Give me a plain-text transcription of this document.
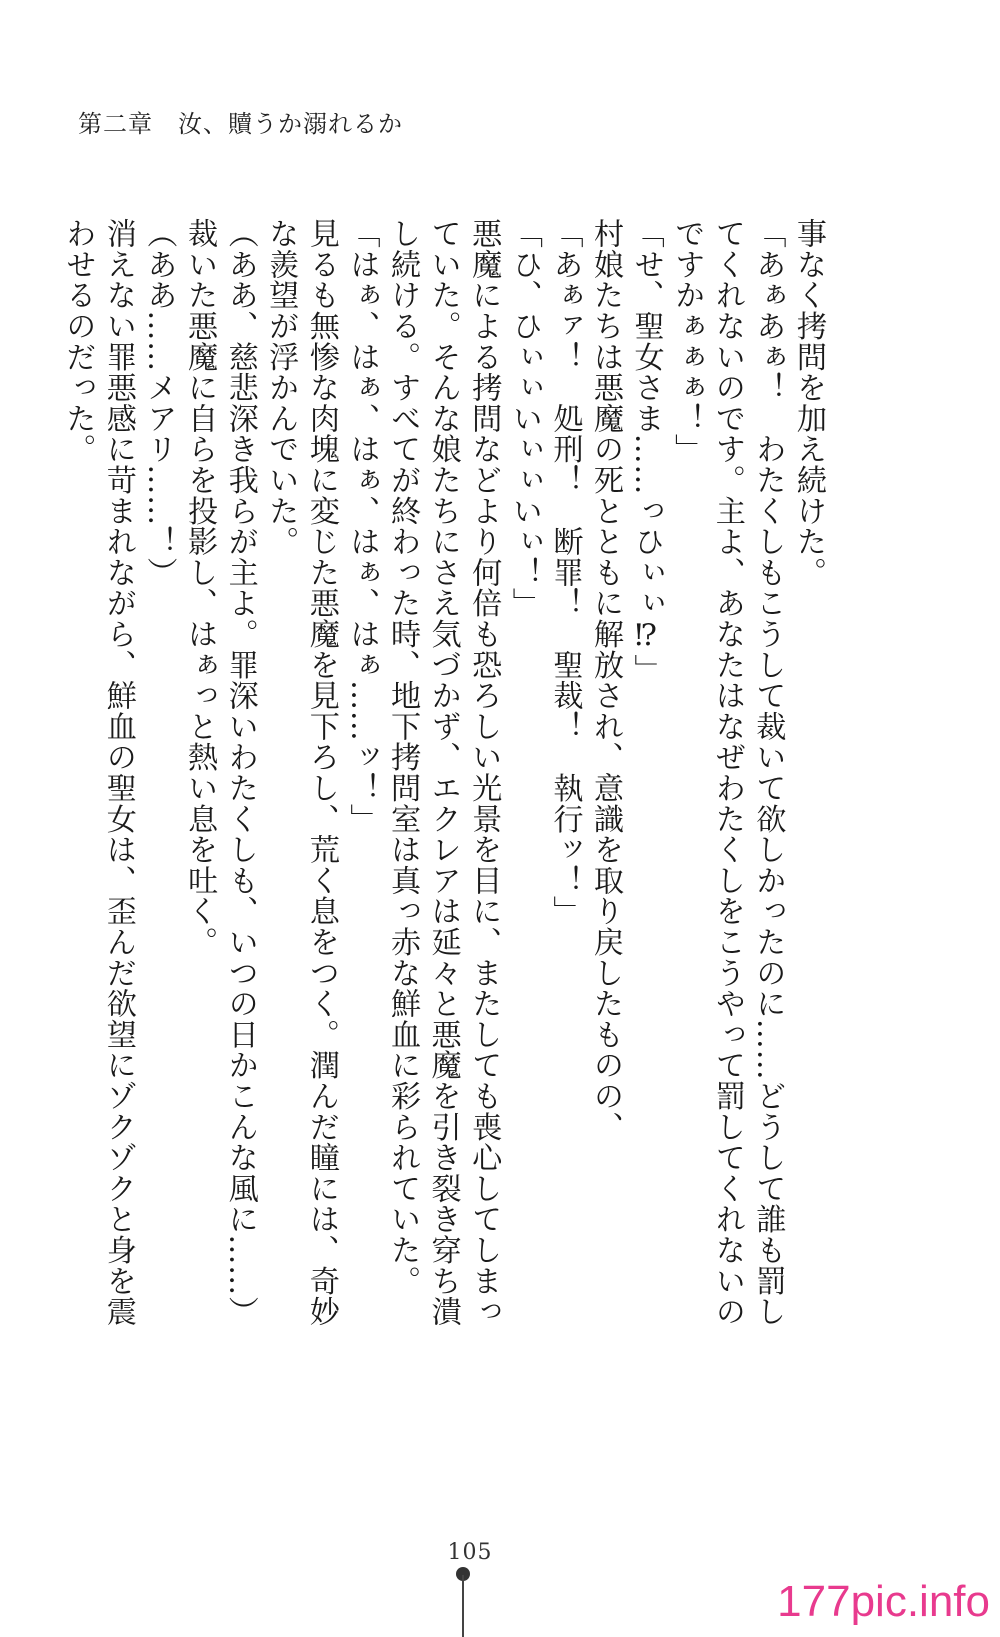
第二章　汝、贖うか溺れるか

事なく拷問を加え続けた。

「あぁあぁ！　わたくしもこうして裁いて欲しかったのに……どうして誰も罰してくれないのです。主よ、あなたはなぜわたくしをこうやって罰してくれないのですかぁぁぁ！」

「せ、聖女さま……っひぃぃ⁉」

村娘たちは悪魔の死とともに解放され、意識を取り戻したものの、

「あぁァ！　処刑！　断罪！　聖裁！　執行ッ！」

「ひ、ひぃぃいぃぃいぃ！」

悪魔による拷問などより何倍も恐ろしい光景を目に、またしても喪心してしまっていた。そんな娘たちにさえ気づかず、エクレアは延々と悪魔を引き裂き穿ち潰し続ける。すべてが終わった時、地下拷問室は真っ赤な鮮血に彩られていた。

「はぁ、はぁ、はぁ、はぁ、はぁ……ッ！」

見るも無惨な肉塊に変じた悪魔を見下ろし、荒く息をつく。潤んだ瞳には、奇妙な羨望が浮かんでいた。

（ああ、慈悲深き我らが主よ。罪深いわたくしも、いつの日かこんな風に……）

裁いた悪魔に自らを投影し、はぁっと熱い息を吐く。

（ああ……メアリ……！）

消えない罪悪感に苛まれながら、鮮血の聖女は、歪んだ欲望にゾクゾクと身を震わせるのだった。

105
177pic.info
